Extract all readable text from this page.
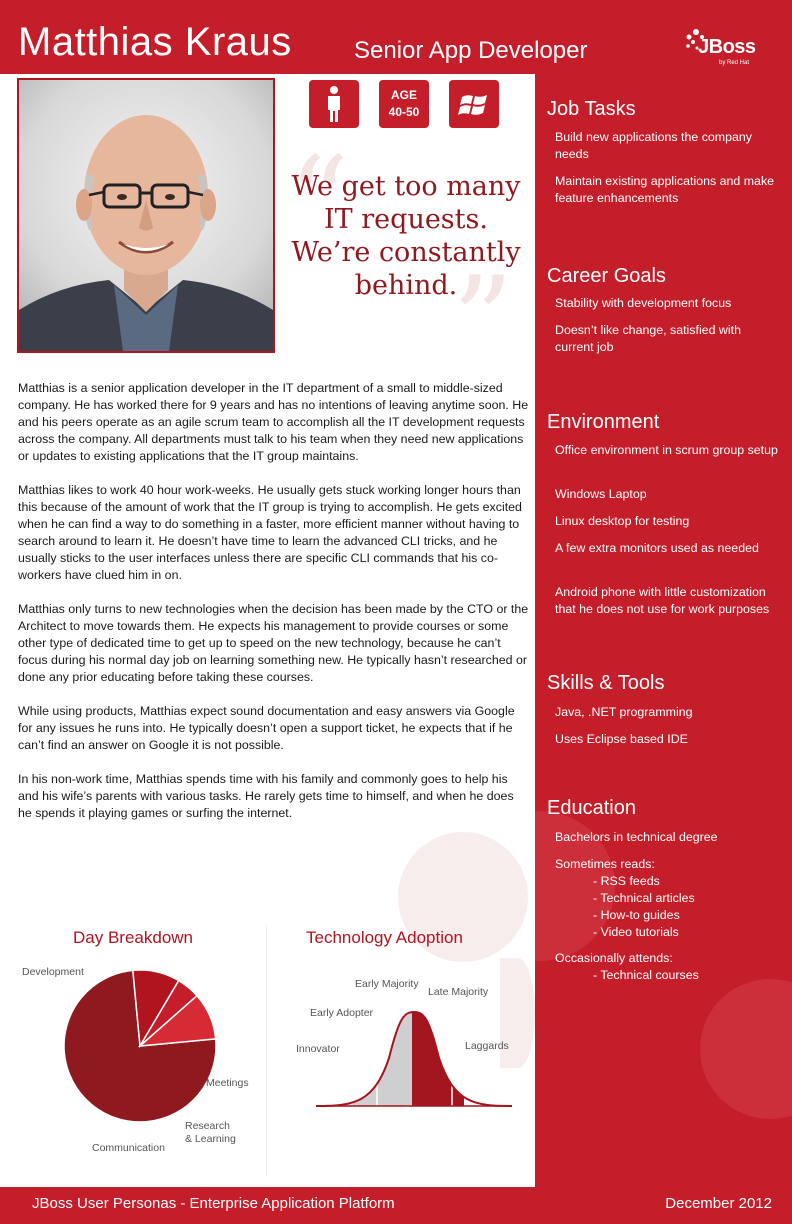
Matthias Kraus	Senior App Developer	JBoss
by Red Hat
AGE
40-50
“
”
We get too many
IT requests.
We’re constantly
behind.

Matthias is a senior application developer in the IT department of a small to middle-sized company. He has worked there for 9 years and has no intentions of leaving anytime soon. He and his peers operate as an agile scrum team to accomplish all the IT development requests across the company. All departments must talk to his team when they need new applications or updates to existing applications that the IT group maintains.

Matthias likes to work 40 hour work-weeks. He usually gets stuck working longer hours than this because of the amount of work that the IT group is trying to accomplish. He gets excited when he can find a way to do something in a faster, more efficient manner without having to search around to learn it. He doesn’t have time to learn the advanced CLI tricks, and he usually sticks to the user interfaces unless there are specific CLI commands that his co-workers have clued him in on.

Matthias only turns to new technologies when the decision has been made by the CTO or the Architect to move towards them. He expects his management to provide courses or some other type of dedicated time to get up to speed on the new technology, because he can’t focus during his normal day job on learning something new. He typically hasn’t researched or done any prior educating before taking these courses.

While using products, Matthias expect sound documentation and easy answers via Google for any issues he runs into. He typically doesn’t open a support ticket, he expects that if he can’t find an answer on Google it is not possible.

In his non-work time, Matthias spends time with his family and commonly goes to help his and his wife’s parents with various tasks. He rarely gets time to himself, and when he does he spends it playing games or surfing the internet.

Job Tasks
Build new applications the company needs
Maintain existing applications and make feature enhancements
Career Goals
Stability with development focus
Doesn’t like change, satisfied with current job
Environment
Office environment in scrum group setup
Windows Laptop
Linux desktop for testing
A few extra monitors used as needed
Android phone with little customization that he does not use for work purposes
Skills & Tools
Java, .NET programming
Uses Eclipse based IDE
Education
Bachelors in technical degree
Sometimes reads:
- RSS feeds
- Technical articles
- How-to guides
- Video tutorials
Occasionally attends:
- Technical courses
Day Breakdown
Development
Meetings
Research
& Learning
Communication
Technology Adoption
Innovator
Early Adopter
Early Majority
Late Majority
Laggards
JBoss User Personas - Enterprise Application Platform	December 2012
